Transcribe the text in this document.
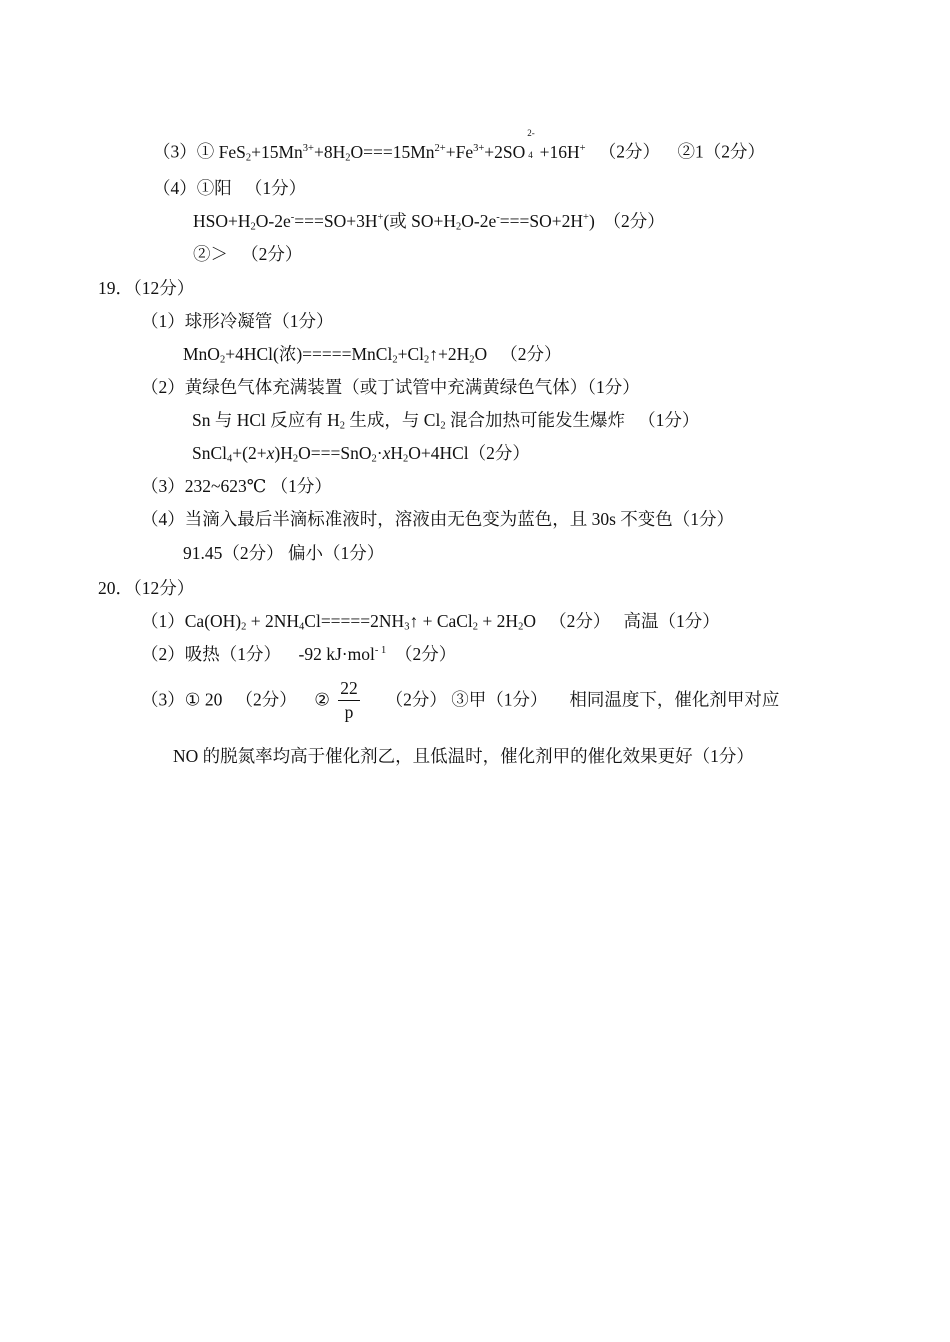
（3）① $FeS_2+15Mn^{3+}+8H_2O===15Mn^{2+}+Fe^{3+}+2SO$
2-
4 +16H+ （2分） ②1（2分）
（4）①阳 （1分）
$HSO+H_2O-2e^-===SO+3H^+$(或 $SO+H_2O-2e^-===SO+2H^+$) （2分）
②＞ （2分）
19．（12分）
（1）球形冷凝管（1分）
MnO$_2$+4HCl(浓)$=====MnCl_2+Cl_2↑+2H_2O$ （2分）
（2）黄绿色气体充满装置（或丁试管中充满黄绿色气体）（1分）
Sn 与 HCl 反应有 $H_2$ 生成，与 $Cl_2$ 混合加热可能发生爆炸 （1分）
$SnCl_4+(2+x)H_2O===SnO_2\cdot xH_2O+4HCl(2$分）
（3）232~623℃ （1分）
（4）当滴入最后半滴标准液时，溶液由无色变为蓝色，且 30s 不变色（1分）
91.45（2分） 偏小（1分）
20．（12分）
$(1)Ca(OH)_2$ + $2NH_4Cl=====2NH_3↑$ + CaCl$_2$ + $2H_2O$ （2分） 高温（1分）
（2）吸热（1分） -92 kJ·mol$^{- 1}$ （2分）
（3）① 20 （2分） ② $\frac{22}{p} (2$分） ③甲（1分） 相同温度下，催化剂甲对应
NO 的脱氮率均高于催化剂乙，且低温时，催化剂甲的催化效果更好（1分）
